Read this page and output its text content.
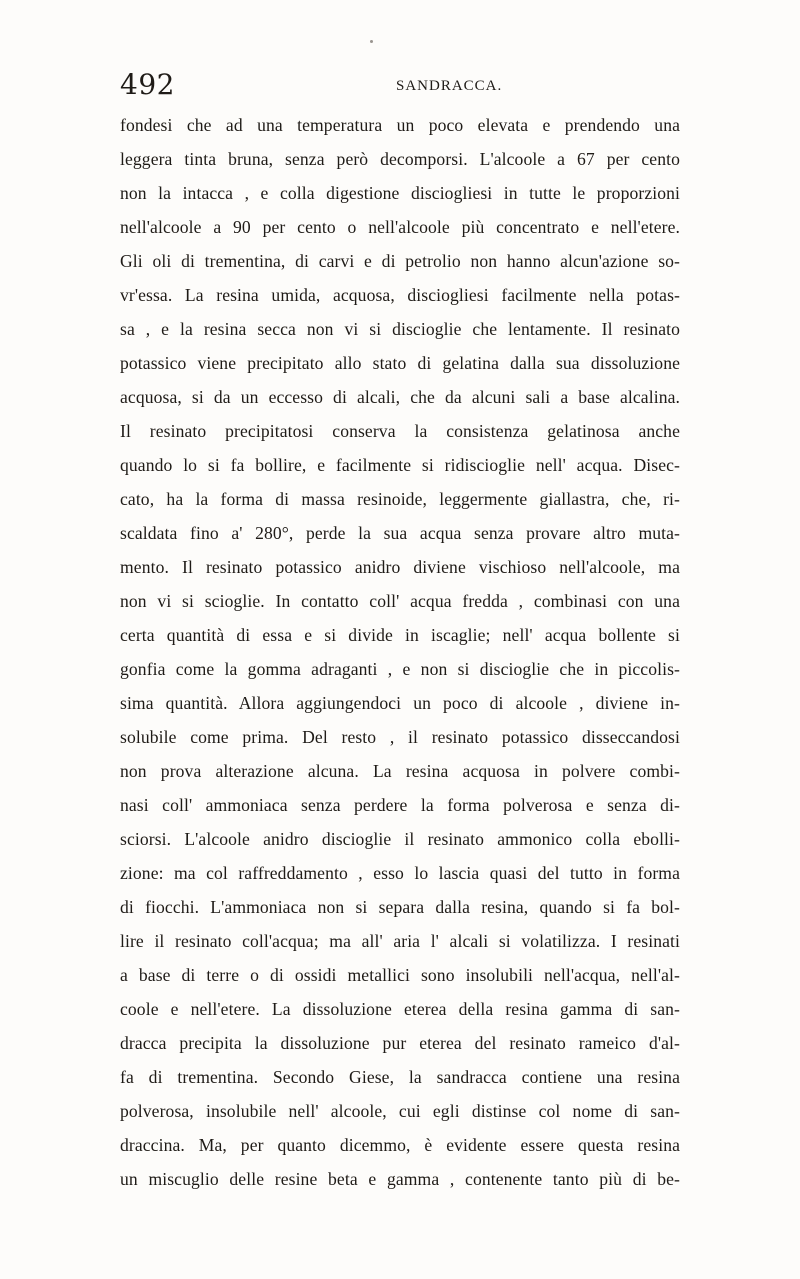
492	SANDRACCA.
fondesi che ad una temperatura un poco elevata e prendendo una
leggera tinta bruna, senza però decomporsi. L'alcoole a 67 per cento
non la intacca , e colla digestione disciogliesi in tutte le proporzioni
nell'alcoole a 90 per cento o nell'alcoole più concentrato e nell'etere.
Gli oli di trementina, di carvi e di petrolio non hanno alcun'azione so-
vr'essa. La resina umida, acquosa, disciogliesi facilmente nella potas-
sa , e la resina secca non vi si discioglie che lentamente. Il resinato
potassico viene precipitato allo stato di gelatina dalla sua dissoluzione
acquosa, si da un eccesso di alcali, che da alcuni sali a base alcalina.
Il resinato precipitatosi conserva la consistenza gelatinosa anche
quando lo si fa bollire, e facilmente si ridiscioglie nell' acqua. Disec-
cato, ha la forma di massa resinoide, leggermente giallastra, che, ri-
scaldata fino a' 280°, perde la sua acqua senza provare altro muta-
mento. Il resinato potassico anidro diviene vischioso nell'alcoole, ma
non vi si scioglie. In contatto coll' acqua fredda , combinasi con una
certa quantità di essa e si divide in iscaglie; nell' acqua bollente si
gonfia come la gomma adraganti , e non si discioglie che in piccolis-
sima quantità. Allora aggiungendoci un poco di alcoole , diviene in-
solubile come prima. Del resto , il resinato potassico disseccandosi
non prova alterazione alcuna. La resina acquosa in polvere combi-
nasi coll' ammoniaca senza perdere la forma polverosa e senza di-
sciorsi. L'alcoole anidro discioglie il resinato ammonico colla ebolli-
zione: ma col raffreddamento , esso lo lascia quasi del tutto in forma
di fiocchi. L'ammoniaca non si separa dalla resina, quando si fa bol-
lire il resinato coll'acqua; ma all' aria l' alcali si volatilizza. I resinati
a base di terre o di ossidi metallici sono insolubili nell'acqua, nell'al-
coole e nell'etere. La dissoluzione eterea della resina gamma di san-
dracca precipita la dissoluzione pur eterea del resinato rameico d'al-
fa di trementina. Secondo Giese, la sandracca contiene una resina
polverosa, insolubile nell' alcoole, cui egli distinse col nome di san-
draccina. Ma, per quanto dicemmo, è evidente essere questa resina
un miscuglio delle resine beta e gamma , contenente tanto più di be-
